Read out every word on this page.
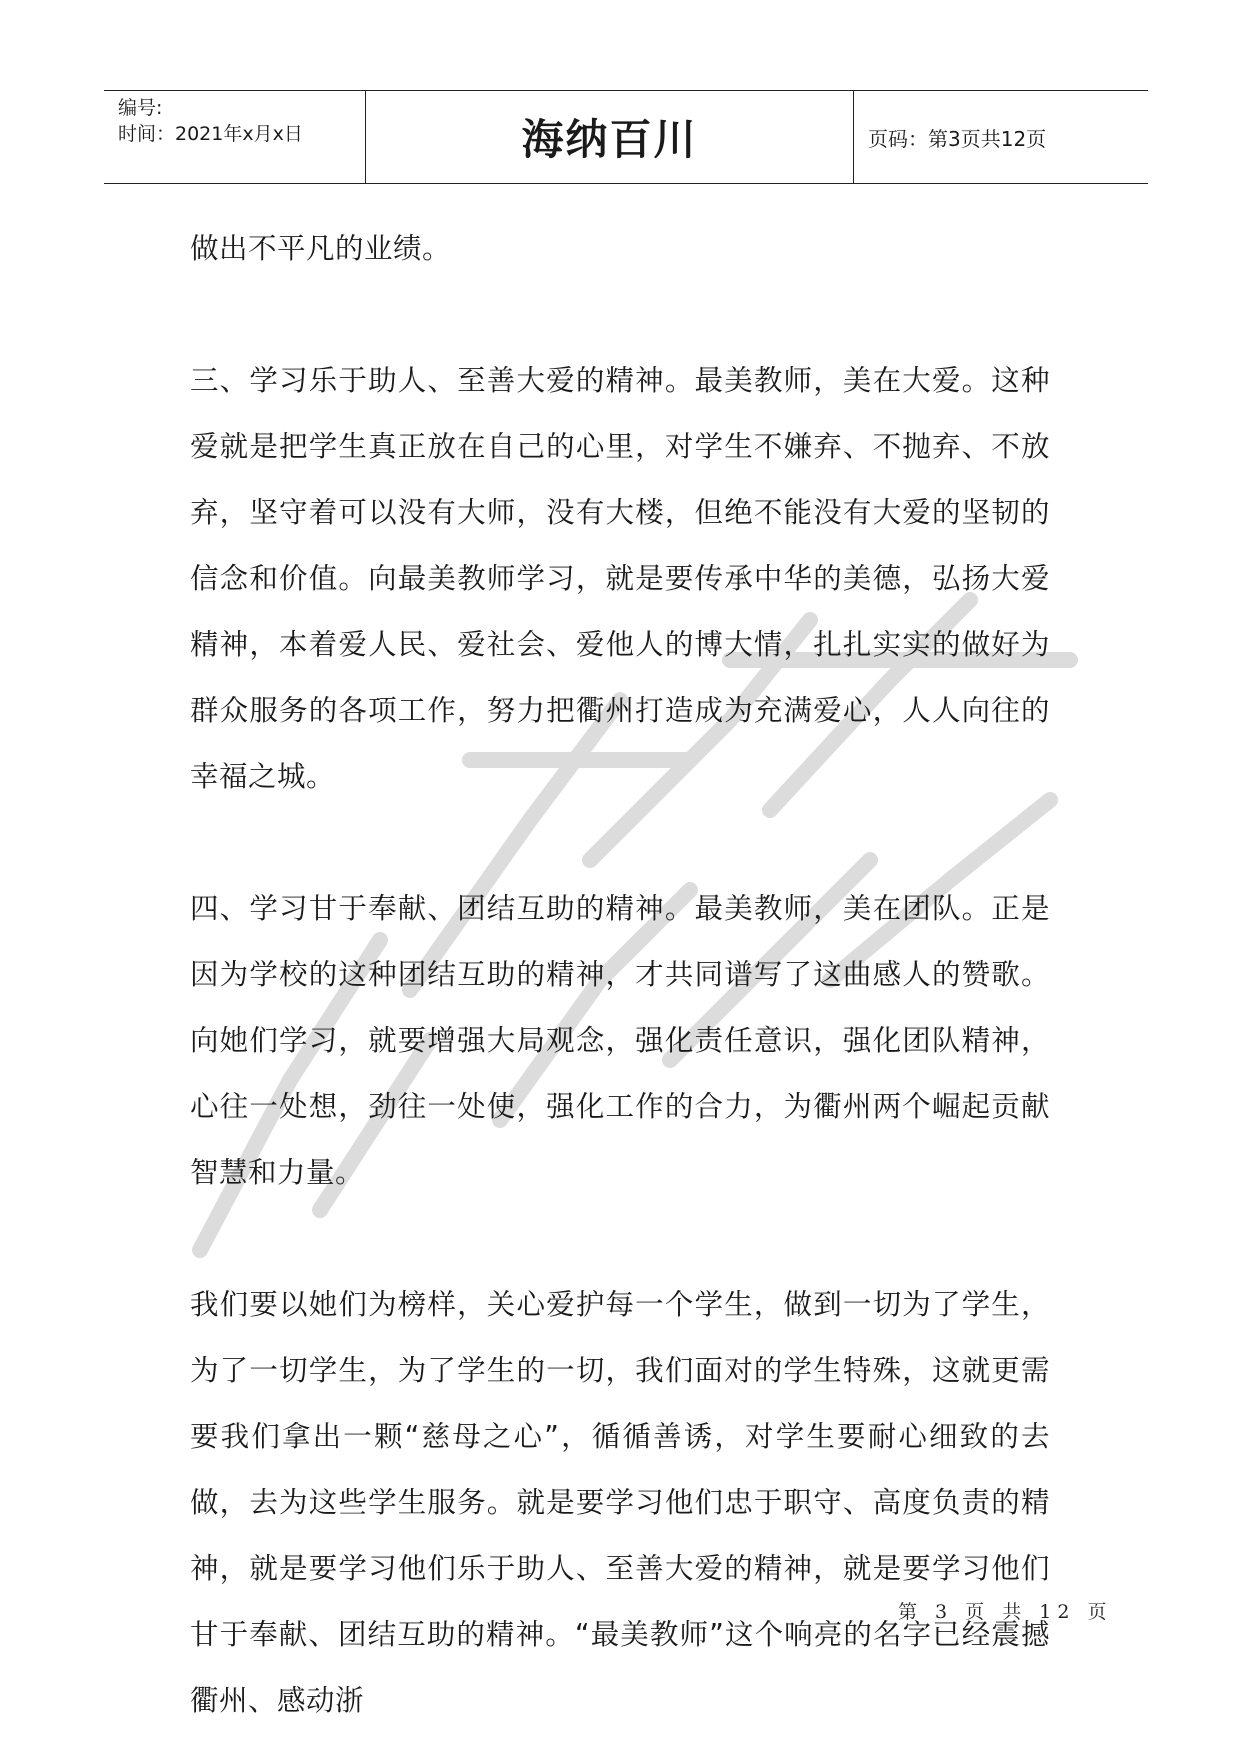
编号:
时间：2021年x月x日	海纳百川	页码：第3页共12页

做出不平凡的业绩。

三、学习乐于助人、至善大爱的精神。最美教师，美在大爱。这种爱就是把学生真正放在自己的心里，对学生不嫌弃、不抛弃、不放弃，坚守着可以没有大师，没有大楼，但绝不能没有大爱的坚韧的信念和价值。向最美教师学习，就是要传承中华的美德，弘扬大爱精神，本着爱人民、爱社会、爱他人的博大情，扎扎实实的做好为群众服务的各项工作，努力把衢州打造成为充满爱心，人人向往的幸福之城。

四、学习甘于奉献、团结互助的精神。最美教师，美在团队。正是因为学校的这种团结互助的精神，才共同谱写了这曲感人的赞歌。向她们学习，就要增强大局观念，强化责任意识，强化团队精神，心往一处想，劲往一处使，强化工作的合力，为衢州两个崛起贡献智慧和力量。

我们要以她们为榜样，关心爱护每一个学生，做到一切为了学生，为了一切学生，为了学生的一切，我们面对的学生特殊，这就更需要我们拿出一颗“慈母之心”，循循善诱，对学生要耐心细致的去做，去为这些学生服务。就是要学习他们忠于职守、高度负责的精神，就是要学习他们乐于助人、至善大爱的精神，就是要学习他们甘于奉献、团结互助的精神。“最美教师”这个响亮的名字已经震撼衢州、感动浙

第 3 页 共 12 页
